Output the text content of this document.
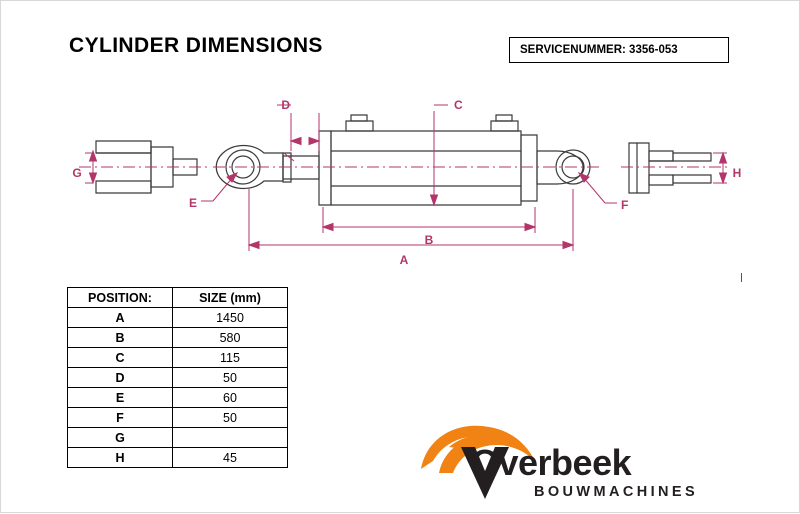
CYLINDER DIMENSIONS	SERVICENUMMER: 3356-053
A
B
C
D
E	F
G	H
POSITION:	SIZE (mm)
A	1450
B	580
C	115
D	50
E	60
F	50
G	
H	45	Overbeek
BOUWMACHINES
